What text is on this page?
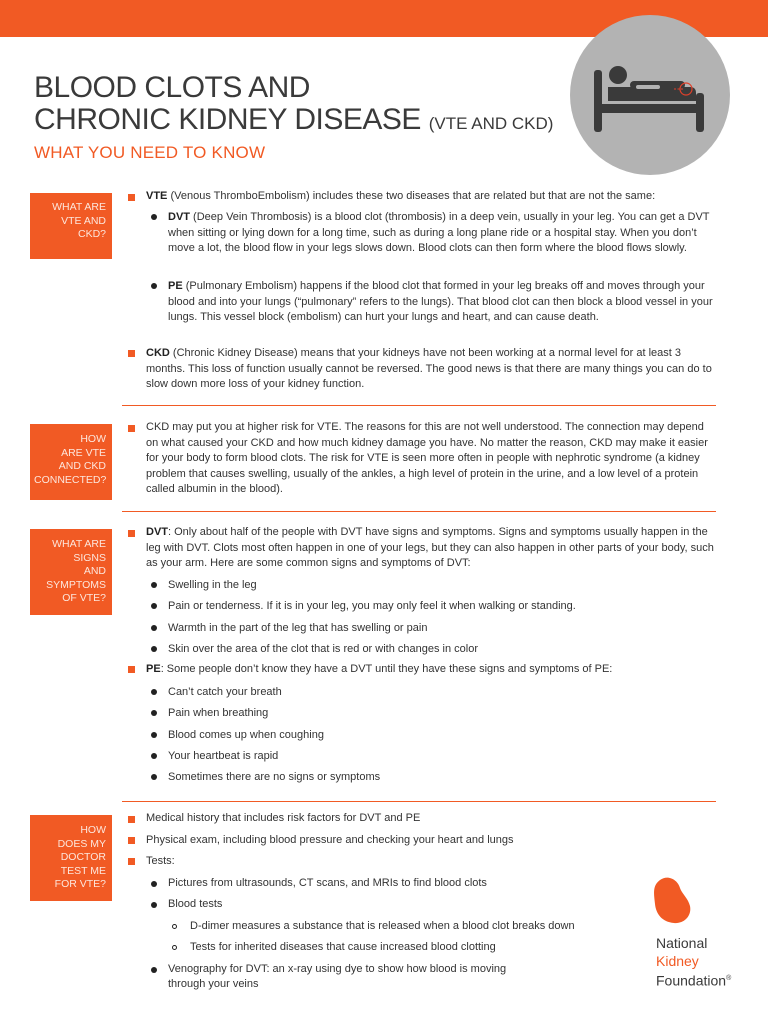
BLOOD CLOTS AND
CHRONIC KIDNEY DISEASE (VTE AND CKD)
WHAT YOU NEED TO KNOW
WHAT ARE
VTE AND
CKD?
VTE (Venous ThromboEmbolism) includes these two diseases that are related but that are not the same:
DVT (Deep Vein Thrombosis) is a blood clot (thrombosis) in a deep vein, usually in your leg. You can get a DVT when sitting or lying down for a long time, such as during a long plane ride or a hospital stay. When you don’t move a lot, the blood flow in your legs slows down. Blood clots can then form where the blood flows slowly.
PE (Pulmonary Embolism) happens if the blood clot that formed in your leg breaks off and moves through your blood and into your lungs (“pulmonary” refers to the lungs). That blood clot can then block a blood vessel in your lungs. This vessel block (embolism) can hurt your lungs and heart, and can cause death.
CKD (Chronic Kidney Disease) means that your kidneys have not been working at a normal level for at least 3 months. This loss of function usually cannot be reversed. The good news is that there are many things you can do to slow down more loss of your kidney function.
HOW
ARE VTE
AND CKD
CONNECTED?
CKD may put you at higher risk for VTE. The reasons for this are not well understood. The connection may depend on what caused your CKD and how much kidney damage you have. No matter the reason, CKD may make it easier for your body to form blood clots. The risk for VTE is seen more often in people with nephrotic syndrome (a kidney problem that causes swelling, usually of the ankles, a high level of protein in the urine, and a low level of a protein called albumin in the blood).
WHAT ARE
SIGNS
AND
SYMPTOMS
OF VTE?
DVT: Only about half of the people with DVT have signs and symptoms. Signs and symptoms usually happen in the leg with DVT. Clots most often happen in one of your legs, but they can also happen in other parts of your body, such as your arm. Here are some common signs and symptoms of DVT:
Swelling in the leg
Pain or tenderness. If it is in your leg, you may only feel it when walking or standing.
Warmth in the part of the leg that has swelling or pain
Skin over the area of the clot that is red or with changes in color
PE: Some people don’t know they have a DVT until they have these signs and symptoms of PE:
Can’t catch your breath
Pain when breathing
Blood comes up when coughing
Your heartbeat is rapid
Sometimes there are no signs or symptoms
HOW
DOES MY
DOCTOR
TEST ME
FOR VTE?
Medical history that includes risk factors for DVT and PE
Physical exam, including blood pressure and checking your heart and lungs
Tests:
Pictures from ultrasounds, CT scans, and MRIs to find blood clots
Blood tests
D-dimer measures a substance that is released when a blood clot breaks down
Tests for inherited diseases that cause increased blood clotting
Venography for DVT: an x-ray using dye to show how blood is moving
through your veins
National
Kidney
Foundation®
